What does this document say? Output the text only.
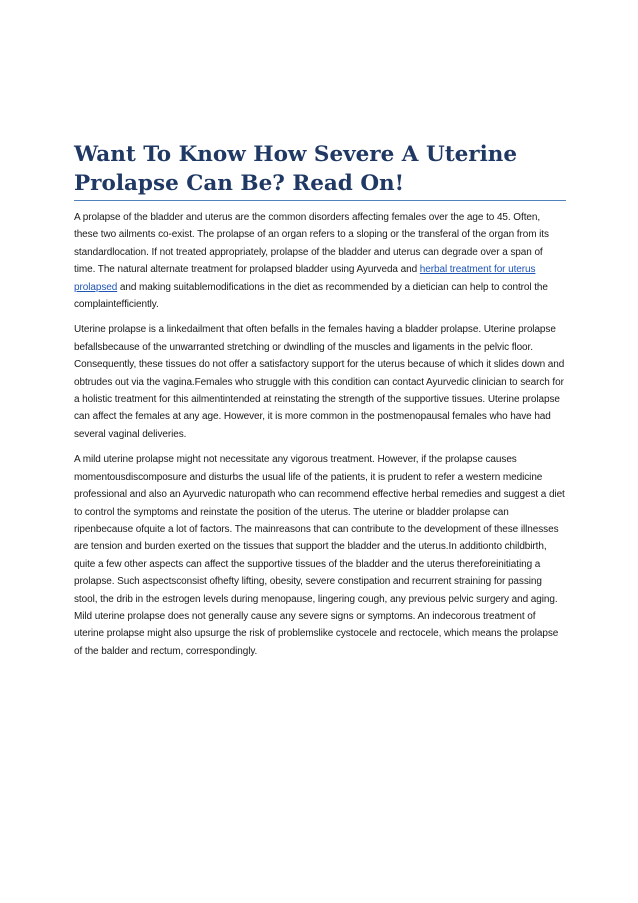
Want To Know How Severe A Uterine Prolapse Can Be? Read On!

A prolapse of the bladder and uterus are the common disorders affecting females over the age to 45. Often, these two ailments co-exist. The prolapse of an organ refers to a sloping or the transferal of the organ from its standardlocation. If not treated appropriately, prolapse of the bladder and uterus can degrade over a span of time. The natural alternate treatment for prolapsed bladder using Ayurveda and herbal treatment for uterus prolapsed and making suitablemodifications in the diet as recommended by a dietician can help to control the complaintefficiently.

Uterine prolapse is a linkedailment that often befalls in the females having a bladder prolapse. Uterine prolapse befallsbecause of the unwarranted stretching or dwindling of the muscles and ligaments in the pelvic floor. Consequently, these tissues do not offer a satisfactory support for the uterus because of which it slides down and obtrudes out via the vagina.Females who struggle with this condition can contact Ayurvedic clinician to search for a holistic treatment for this ailmentintended at reinstating the strength of the supportive tissues. Uterine prolapse can affect the females at any age. However, it is more common in the postmenopausal females who have had several vaginal deliveries.

A mild uterine prolapse might not necessitate any vigorous treatment. However, if the prolapse causes momentousdiscomposure and disturbs the usual life of the patients, it is prudent to refer a western medicine professional and also an Ayurvedic naturopath who can recommend effective herbal remedies and suggest a diet to control the symptoms and reinstate the position of the uterus. The uterine or bladder prolapse can ripenbecause ofquite a lot of factors. The mainreasons that can contribute to the development of these illnesses are tension and burden exerted on the tissues that support the bladder and the uterus.In additionto childbirth, quite a few other aspects can affect the supportive tissues of the bladder and the uterus thereforeinitiating a prolapse. Such aspectsconsist ofhefty lifting, obesity, severe constipation and recurrent straining for passing stool, the drib in the estrogen levels during menopause, lingering cough, any previous pelvic surgery and aging. Mild uterine prolapse does not generally cause any severe signs or symptoms. An indecorous treatment of uterine prolapse might also upsurge the risk of problemslike cystocele and rectocele, which means the prolapse of the balder and rectum, correspondingly.
